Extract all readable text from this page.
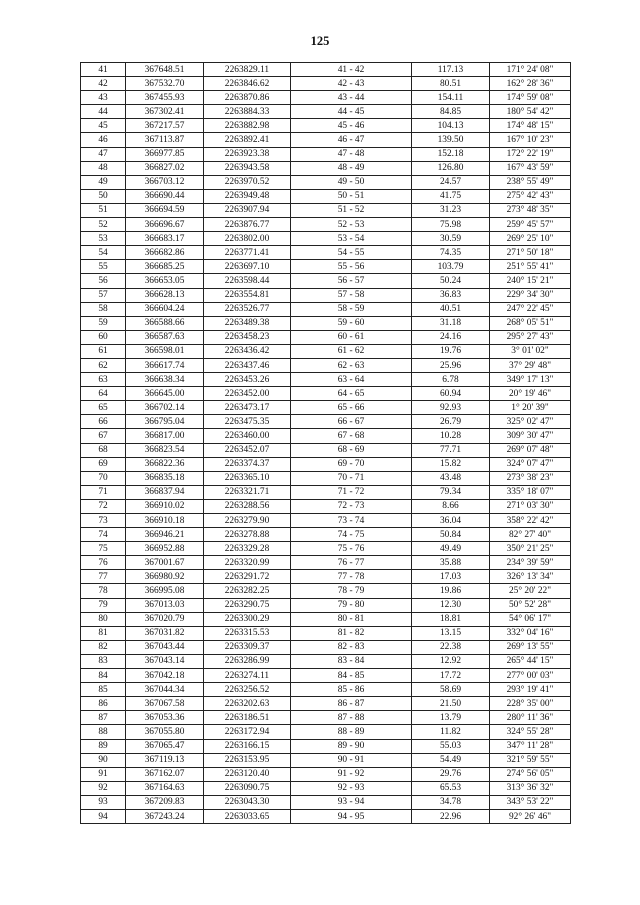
125
41	367648.51	2263829.11	41 - 42	117.13	171° 24' 08"
42	367532.70	2263846.62	42 - 43	80.51	162° 28' 36"
43	367455.93	2263870.86	43 - 44	154.11	174° 59' 08"
44	367302.41	2263884.33	44 - 45	84.85	180° 54' 42"
45	367217.57	2263882.98	45 - 46	104.13	174° 48' 15"
46	367113.87	2263892.41	46 - 47	139.50	167° 10' 23"
47	366977.85	2263923.38	47 - 48	152.18	172° 22' 19"
48	366827.02	2263943.58	48 - 49	126.80	167° 43' 59"
49	366703.12	2263970.52	49 - 50	24.57	238° 55' 49"
50	366690.44	2263949.48	50 - 51	41.75	275° 42' 43"
51	366694.59	2263907.94	51 - 52	31.23	273° 48' 35"
52	366696.67	2263876.77	52 - 53	75.98	259° 45' 57"
53	366683.17	2263802.00	53 - 54	30.59	269° 25' 10"
54	366682.86	2263771.41	54 - 55	74.35	271° 50' 18"
55	366685.25	2263697.10	55 - 56	103.79	251° 55' 41"
56	366653.05	2263598.44	56 - 57	50.24	240° 15' 21"
57	366628.13	2263554.81	57 - 58	36.83	229° 34' 30"
58	366604.24	2263526.77	58 - 59	40.51	247° 22' 45"
59	366588.66	2263489.38	59 - 60	31.18	268° 05' 51"
60	366587.63	2263458.23	60 - 61	24.16	295° 27' 43"
61	366598.01	2263436.42	61 - 62	19.76	3° 01' 02"
62	366617.74	2263437.46	62 - 63	25.96	37° 29' 48"
63	366638.34	2263453.26	63 - 64	6.78	349° 17' 13"
64	366645.00	2263452.00	64 - 65	60.94	20° 19' 46"
65	366702.14	2263473.17	65 - 66	92.93	1° 20' 39"
66	366795.04	2263475.35	66 - 67	26.79	325° 02' 47"
67	366817.00	2263460.00	67 - 68	10.28	309° 30' 47"
68	366823.54	2263452.07	68 - 69	77.71	269° 07' 48"
69	366822.36	2263374.37	69 - 70	15.82	324° 07' 47"
70	366835.18	2263365.10	70 - 71	43.48	273° 38' 23"
71	366837.94	2263321.71	71 - 72	79.34	335° 18' 07"
72	366910.02	2263288.56	72 - 73	8.66	271° 03' 30"
73	366910.18	2263279.90	73 - 74	36.04	358° 22' 42"
74	366946.21	2263278.88	74 - 75	50.84	82° 27' 40"
75	366952.88	2263329.28	75 - 76	49.49	350° 21' 25"
76	367001.67	2263320.99	76 - 77	35.88	234° 39' 59"
77	366980.92	2263291.72	77 - 78	17.03	326° 13' 34"
78	366995.08	2263282.25	78 - 79	19.86	25° 20' 22"
79	367013.03	2263290.75	79 - 80	12.30	50° 52' 28"
80	367020.79	2263300.29	80 - 81	18.81	54° 06' 17"
81	367031.82	2263315.53	81 - 82	13.15	332° 04' 16"
82	367043.44	2263309.37	82 - 83	22.38	269° 13' 55"
83	367043.14	2263286.99	83 - 84	12.92	265° 44' 15"
84	367042.18	2263274.11	84 - 85	17.72	277° 00' 03"
85	367044.34	2263256.52	85 - 86	58.69	293° 19' 41"
86	367067.58	2263202.63	86 - 87	21.50	228° 35' 00"
87	367053.36	2263186.51	87 - 88	13.79	280° 11' 36"
88	367055.80	2263172.94	88 - 89	11.82	324° 55' 28"
89	367065.47	2263166.15	89 - 90	55.03	347° 11' 28"
90	367119.13	2263153.95	90 - 91	54.49	321° 59' 55"
91	367162.07	2263120.40	91 - 92	29.76	274° 56' 05"
92	367164.63	2263090.75	92 - 93	65.53	313° 36' 32"
93	367209.83	2263043.30	93 - 94	34.78	343° 53' 22"
94	367243.24	2263033.65	94 - 95	22.96	92° 26' 46"
